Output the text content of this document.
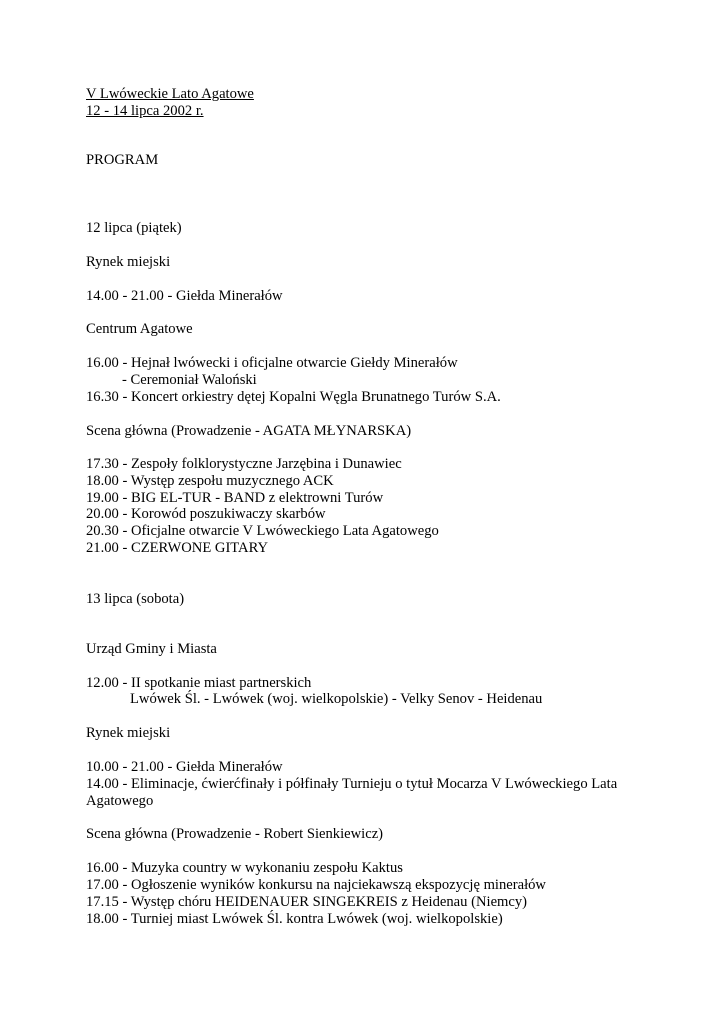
V Lwóweckie Lato Agatowe
12 - 14 lipca 2002 r.
PROGRAM
12 lipca (piątek)
Rynek miejski
14.00 - 21.00 - Giełda Minerałów
Centrum Agatowe
16.00 - Hejnał lwówecki i oficjalne otwarcie Giełdy Minerałów
- Ceremoniał Waloński
16.30 - Koncert orkiestry dętej Kopalni Węgla Brunatnego Turów S.A.
Scena główna (Prowadzenie - AGATA MŁYNARSKA)
17.30 - Zespoły folklorystyczne Jarzębina i Dunawiec
18.00 - Występ zespołu muzycznego ACK
19.00 - BIG EL-TUR - BAND z elektrowni Turów
20.00 - Korowód poszukiwaczy skarbów
20.30 - Oficjalne otwarcie V Lwóweckiego Lata Agatowego
21.00 - CZERWONE GITARY
13 lipca (sobota)
Urząd Gminy i Miasta
12.00 - II spotkanie miast partnerskich
Lwówek Śl. - Lwówek (woj. wielkopolskie) - Velky Senov - Heidenau
Rynek miejski
10.00 - 21.00 - Giełda Minerałów
14.00 - Eliminacje, ćwierćfinały i półfinały Turnieju o tytuł Mocarza V Lwóweckiego Lata
Agatowego
Scena główna (Prowadzenie - Robert Sienkiewicz)
16.00 - Muzyka country w wykonaniu zespołu Kaktus
17.00 - Ogłoszenie wyników konkursu na najciekawszą ekspozycję minerałów
17.15 - Występ chóru HEIDENAUER SINGEKREIS z Heidenau (Niemcy)
18.00 - Turniej miast Lwówek Śl. kontra Lwówek (woj. wielkopolskie)
